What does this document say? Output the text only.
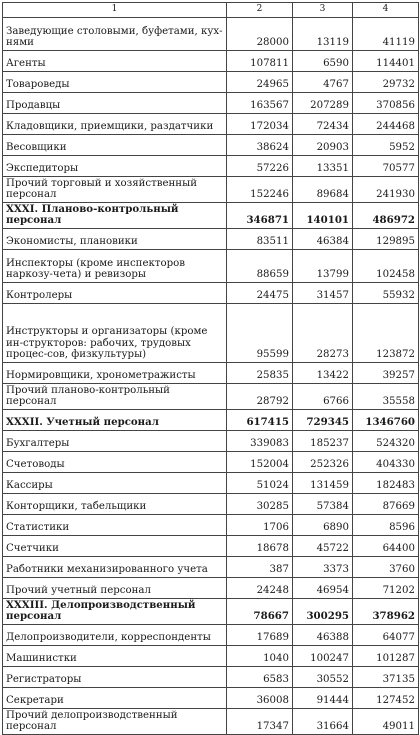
1	2	3	4
Заведующие столовыми, буфетами, кух-нями	28000	13119	41119
Агенты	107811	6590	114401
Товароведы	24965	4767	29732
Продавцы	163567	207289	370856
Кладовщики, приемщики, раздатчики	172034	72434	244468
Весовщики	38624	20903	5952
Экспедиторы	57226	13351	70577
Прочий торговый и хозяйственный персонал	152246	89684	241930
XXXI. Планово-контрольный персонал	346871	140101	486972
Экономисты, плановики	83511	46384	129895
Инспекторы (кроме инспекторов наркозу-чета) и ревизоры	88659	13799	102458
Контролеры	24475	31457	55932
Инструкторы и организаторы (кроме ин-структоров: рабочих, трудовых процес-сов, физкультуры)	95599	28273	123872
Нормировщики, хронометражисты	25835	13422	39257
Прочий планово-контрольный персонал	28792	6766	35558
XXXII. Учетный персонал	617415	729345	1346760
Бухгалтеры	339083	185237	524320
Счетоводы	152004	252326	404330
Кассиры	51024	131459	182483
Конторщики, табельщики	30285	57384	87669
Статистики	1706	6890	8596
Счетчики	18678	45722	64400
Работники механизированного учета	387	3373	3760
Прочий учетный персонал	24248	46954	71202
XXXIII. Делопроизводственный персонал	78667	300295	378962
Делопроизводители, корреспонденты	17689	46388	64077
Машинистки	1040	100247	101287
Регистраторы	6583	30552	37135
Секретари	36008	91444	127452
Прочий делопроизводственный персонал	17347	31664	49011
